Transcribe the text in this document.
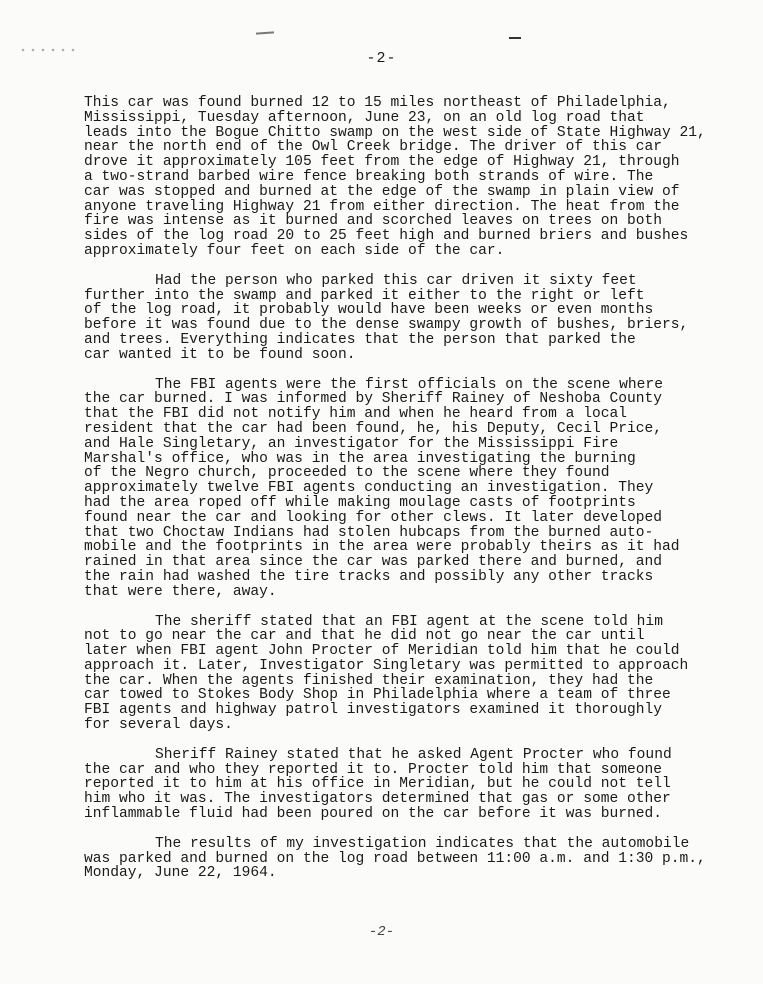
-2-

This car was found burned 12 to 15 miles northeast of Philadelphia,
Mississippi, Tuesday afternoon, June 23, on an old log road that
leads into the Bogue Chitto swamp on the west side of State Highway 21,
near the north end of the Owl Creek bridge. The driver of this car
drove it approximately 105 feet from the edge of Highway 21, through
a two-strand barbed wire fence breaking both strands of wire. The
car was stopped and burned at the edge of the swamp in plain view of
anyone traveling Highway 21 from either direction. The heat from the
fire was intense as it burned and scorched leaves on trees on both
sides of the log road 20 to 25 feet high and burned briers and bushes
approximately four feet on each side of the car.

Had the person who parked this car driven it sixty feet
further into the swamp and parked it either to the right or left
of the log road, it probably would have been weeks or even months
before it was found due to the dense swampy growth of bushes, briers,
and trees. Everything indicates that the person that parked the
car wanted it to be found soon.

The FBI agents were the first officials on the scene where
the car burned. I was informed by Sheriff Rainey of Neshoba County
that the FBI did not notify him and when he heard from a local
resident that the car had been found, he, his Deputy, Cecil Price,
and Hale Singletary, an investigator for the Mississippi Fire
Marshal's office, who was in the area investigating the burning
of the Negro church, proceeded to the scene where they found
approximately twelve FBI agents conducting an investigation. They
had the area roped off while making moulage casts of footprints
found near the car and looking for other clews. It later developed
that two Choctaw Indians had stolen hubcaps from the burned auto-
mobile and the footprints in the area were probably theirs as it had
rained in that area since the car was parked there and burned, and
the rain had washed the tire tracks and possibly any other tracks
that were there, away.

The sheriff stated that an FBI agent at the scene told him
not to go near the car and that he did not go near the car until
later when FBI agent John Procter of Meridian told him that he could
approach it. Later, Investigator Singletary was permitted to approach
the car. When the agents finished their examination, they had the
car towed to Stokes Body Shop in Philadelphia where a team of three
FBI agents and highway patrol investigators examined it thoroughly
for several days.

Sheriff Rainey stated that he asked Agent Procter who found
the car and who they reported it to. Procter told him that someone
reported it to him at his office in Meridian, but he could not tell
him who it was. The investigators determined that gas or some other
inflammable fluid had been poured on the car before it was burned.

The results of my investigation indicates that the automobile
was parked and burned on the log road between 11:00 a.m. and 1:30 p.m.,
Monday, June 22, 1964.

-2-
